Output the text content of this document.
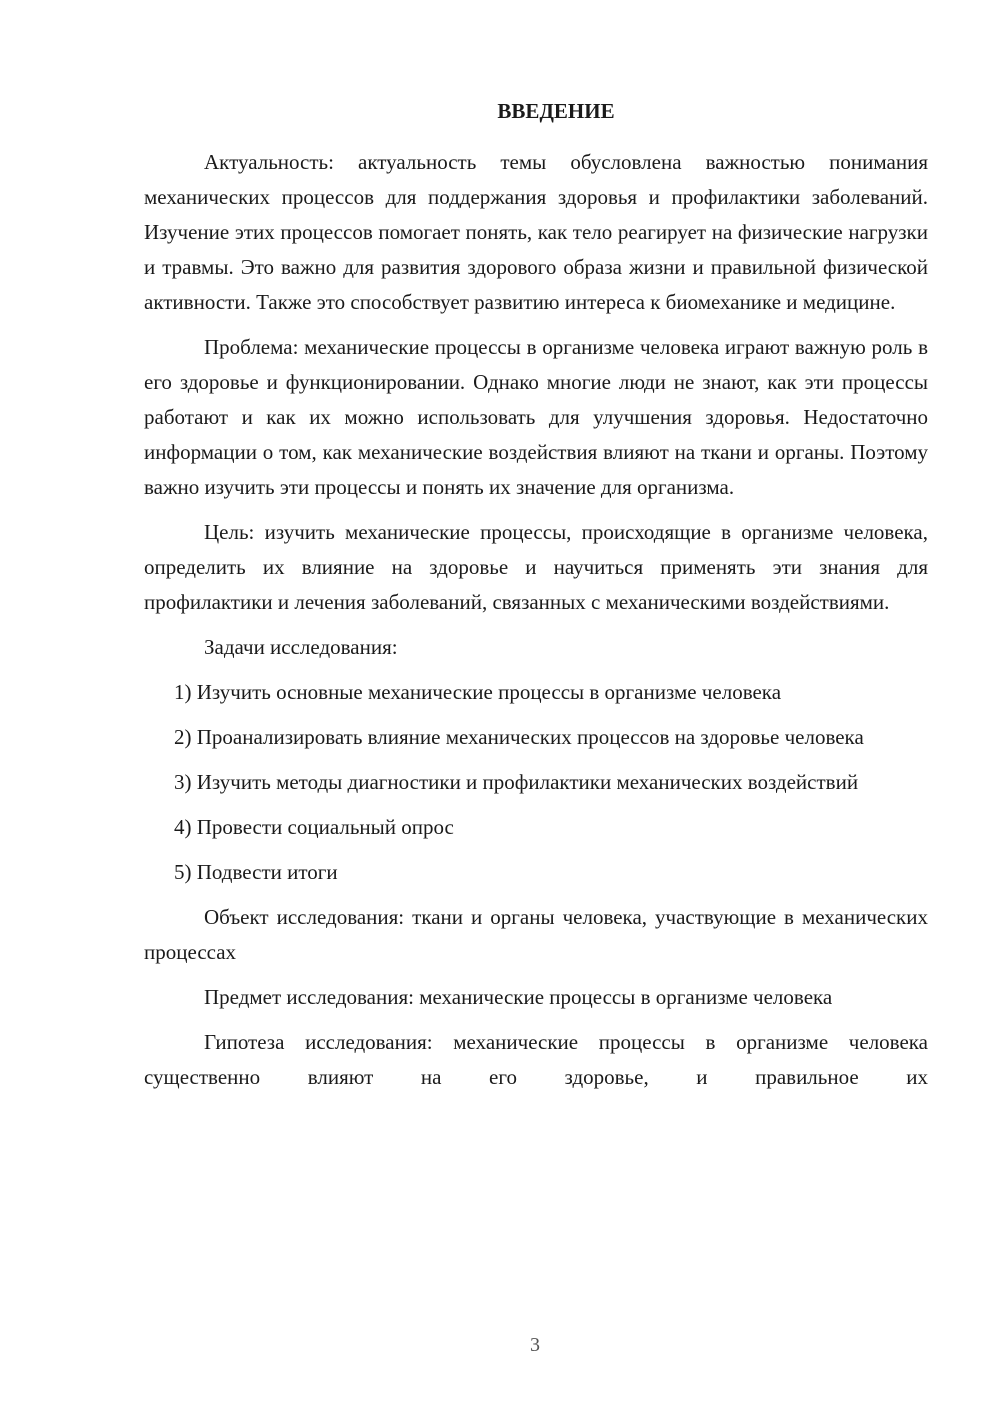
ВВЕДЕНИЕ

Актуальность: актуальность темы обусловлена важностью понимания механических процессов для поддержания здоровья и профилактики заболеваний. Изучение этих процессов помогает понять, как тело реагирует на физические нагрузки и травмы. Это важно для развития здорового образа жизни и правильной физической активности. Также это способствует развитию интереса к биомеханике и медицине.

Проблема: механические процессы в организме человека играют важную роль в его здоровье и функционировании. Однако многие люди не знают, как эти процессы работают и как их можно использовать для улучшения здоровья. Недостаточно информации о том, как механические воздействия влияют на ткани и органы. Поэтому важно изучить эти процессы и понять их значение для организма.

Цель: изучить механические процессы, происходящие в организме человека, определить их влияние на здоровье и научиться применять эти знания для профилактики и лечения заболеваний, связанных с механическими воздействиями.

Задачи исследования:

1) Изучить основные механические процессы в организме человека

2) Проанализировать влияние механических процессов на здоровье человека

3) Изучить методы диагностики и профилактики механических воздействий

4) Провести социальный опрос

5) Подвести итоги

Объект исследования: ткани и органы человека, участвующие в механических процессах

Предмет исследования: механические процессы в организме человека

Гипотеза исследования: механические процессы в организме человека существенно влияют на его здоровье, и правильное их

3
